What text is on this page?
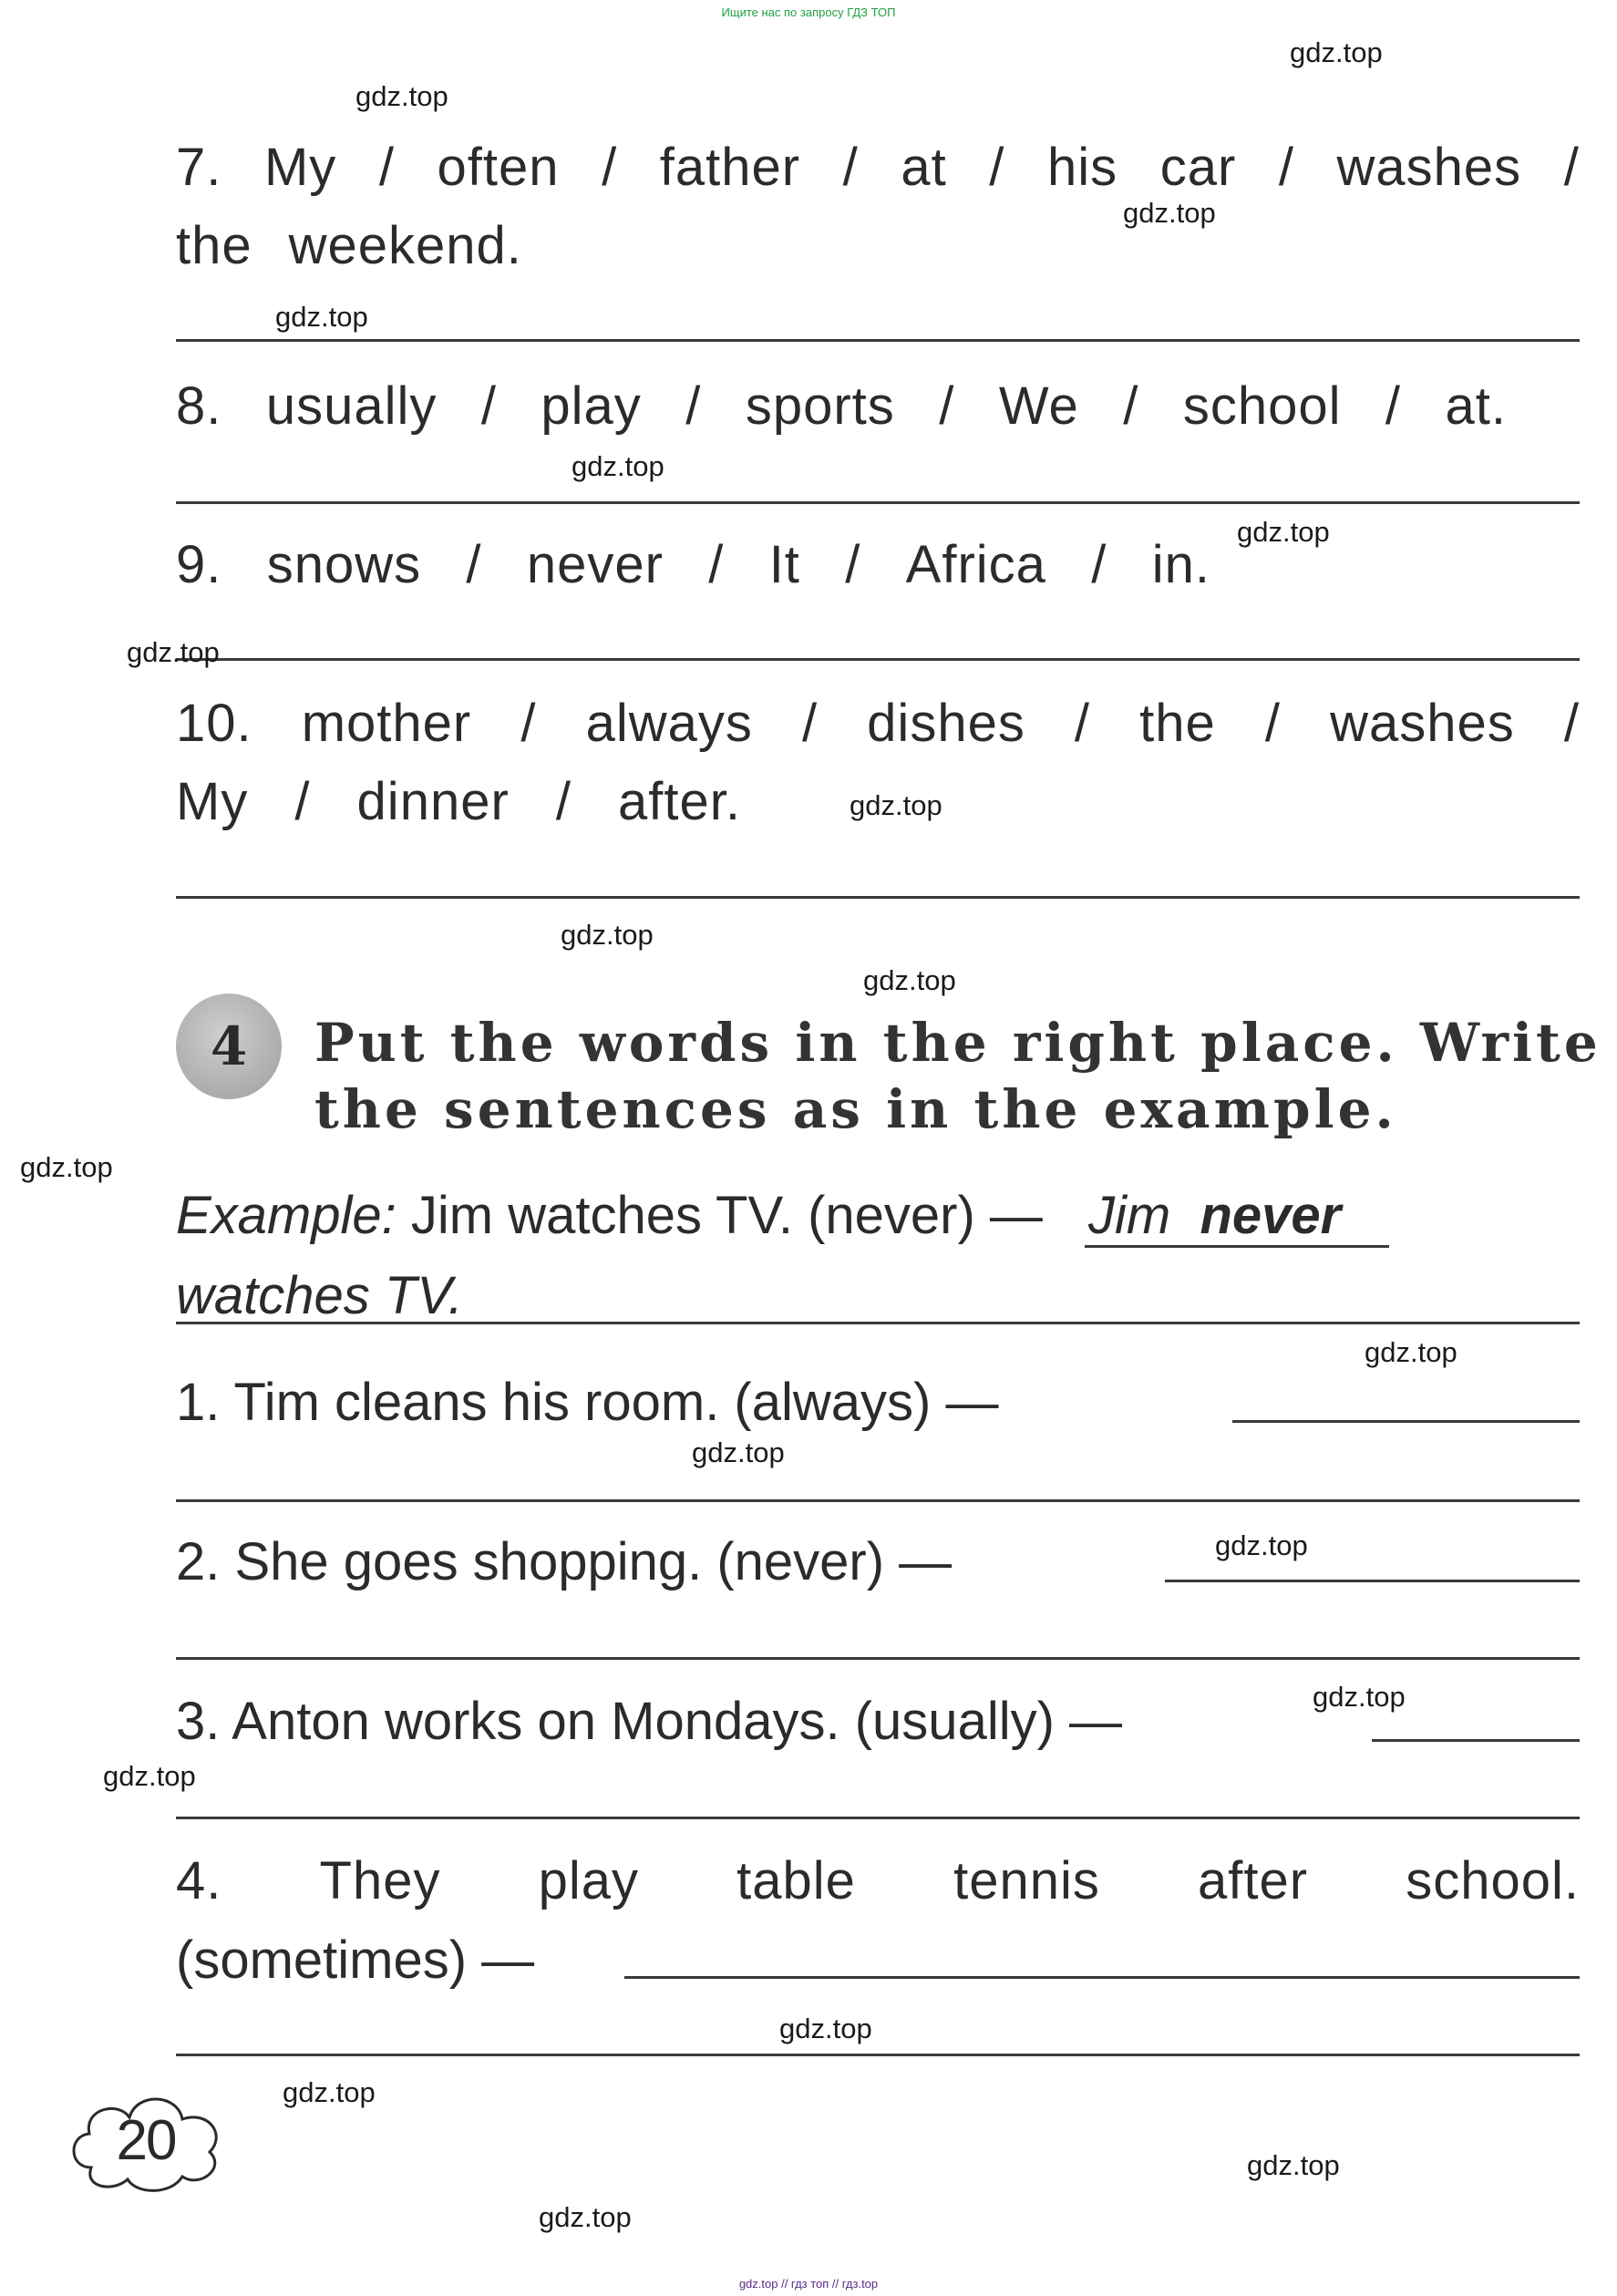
Ищите нас по запросу ГДЗ ТОП
7. My / often / father / at / his car / washes /
the weekend.
8. usually / play / sports / We / school / at.
9. snows / never / It / Africa / in.
10. mother / always / dishes / the / washes /
My / dinner / after.
4	Put the words in the right place. Write
the sentences as in the example.
Example: Jim watches TV. (never) — Jim never
watches TV.
1. Tim cleans his room. (always) —
2. She goes shopping. (never) —
3. Anton works on Mondays. (usually) —
4. They play table tennis after school.
(sometimes) —
20
gdz.top
gdz.top
gdz.top
gdz.top
gdz.top
gdz.top
gdz.top
gdz.top
gdz.top
gdz.top
gdz.top
gdz.top
gdz.top
gdz.top
gdz.top
gdz.top
gdz.top
gdz.top
gdz.top
gdz.top
gdz.top // гдз топ // гдз.top
